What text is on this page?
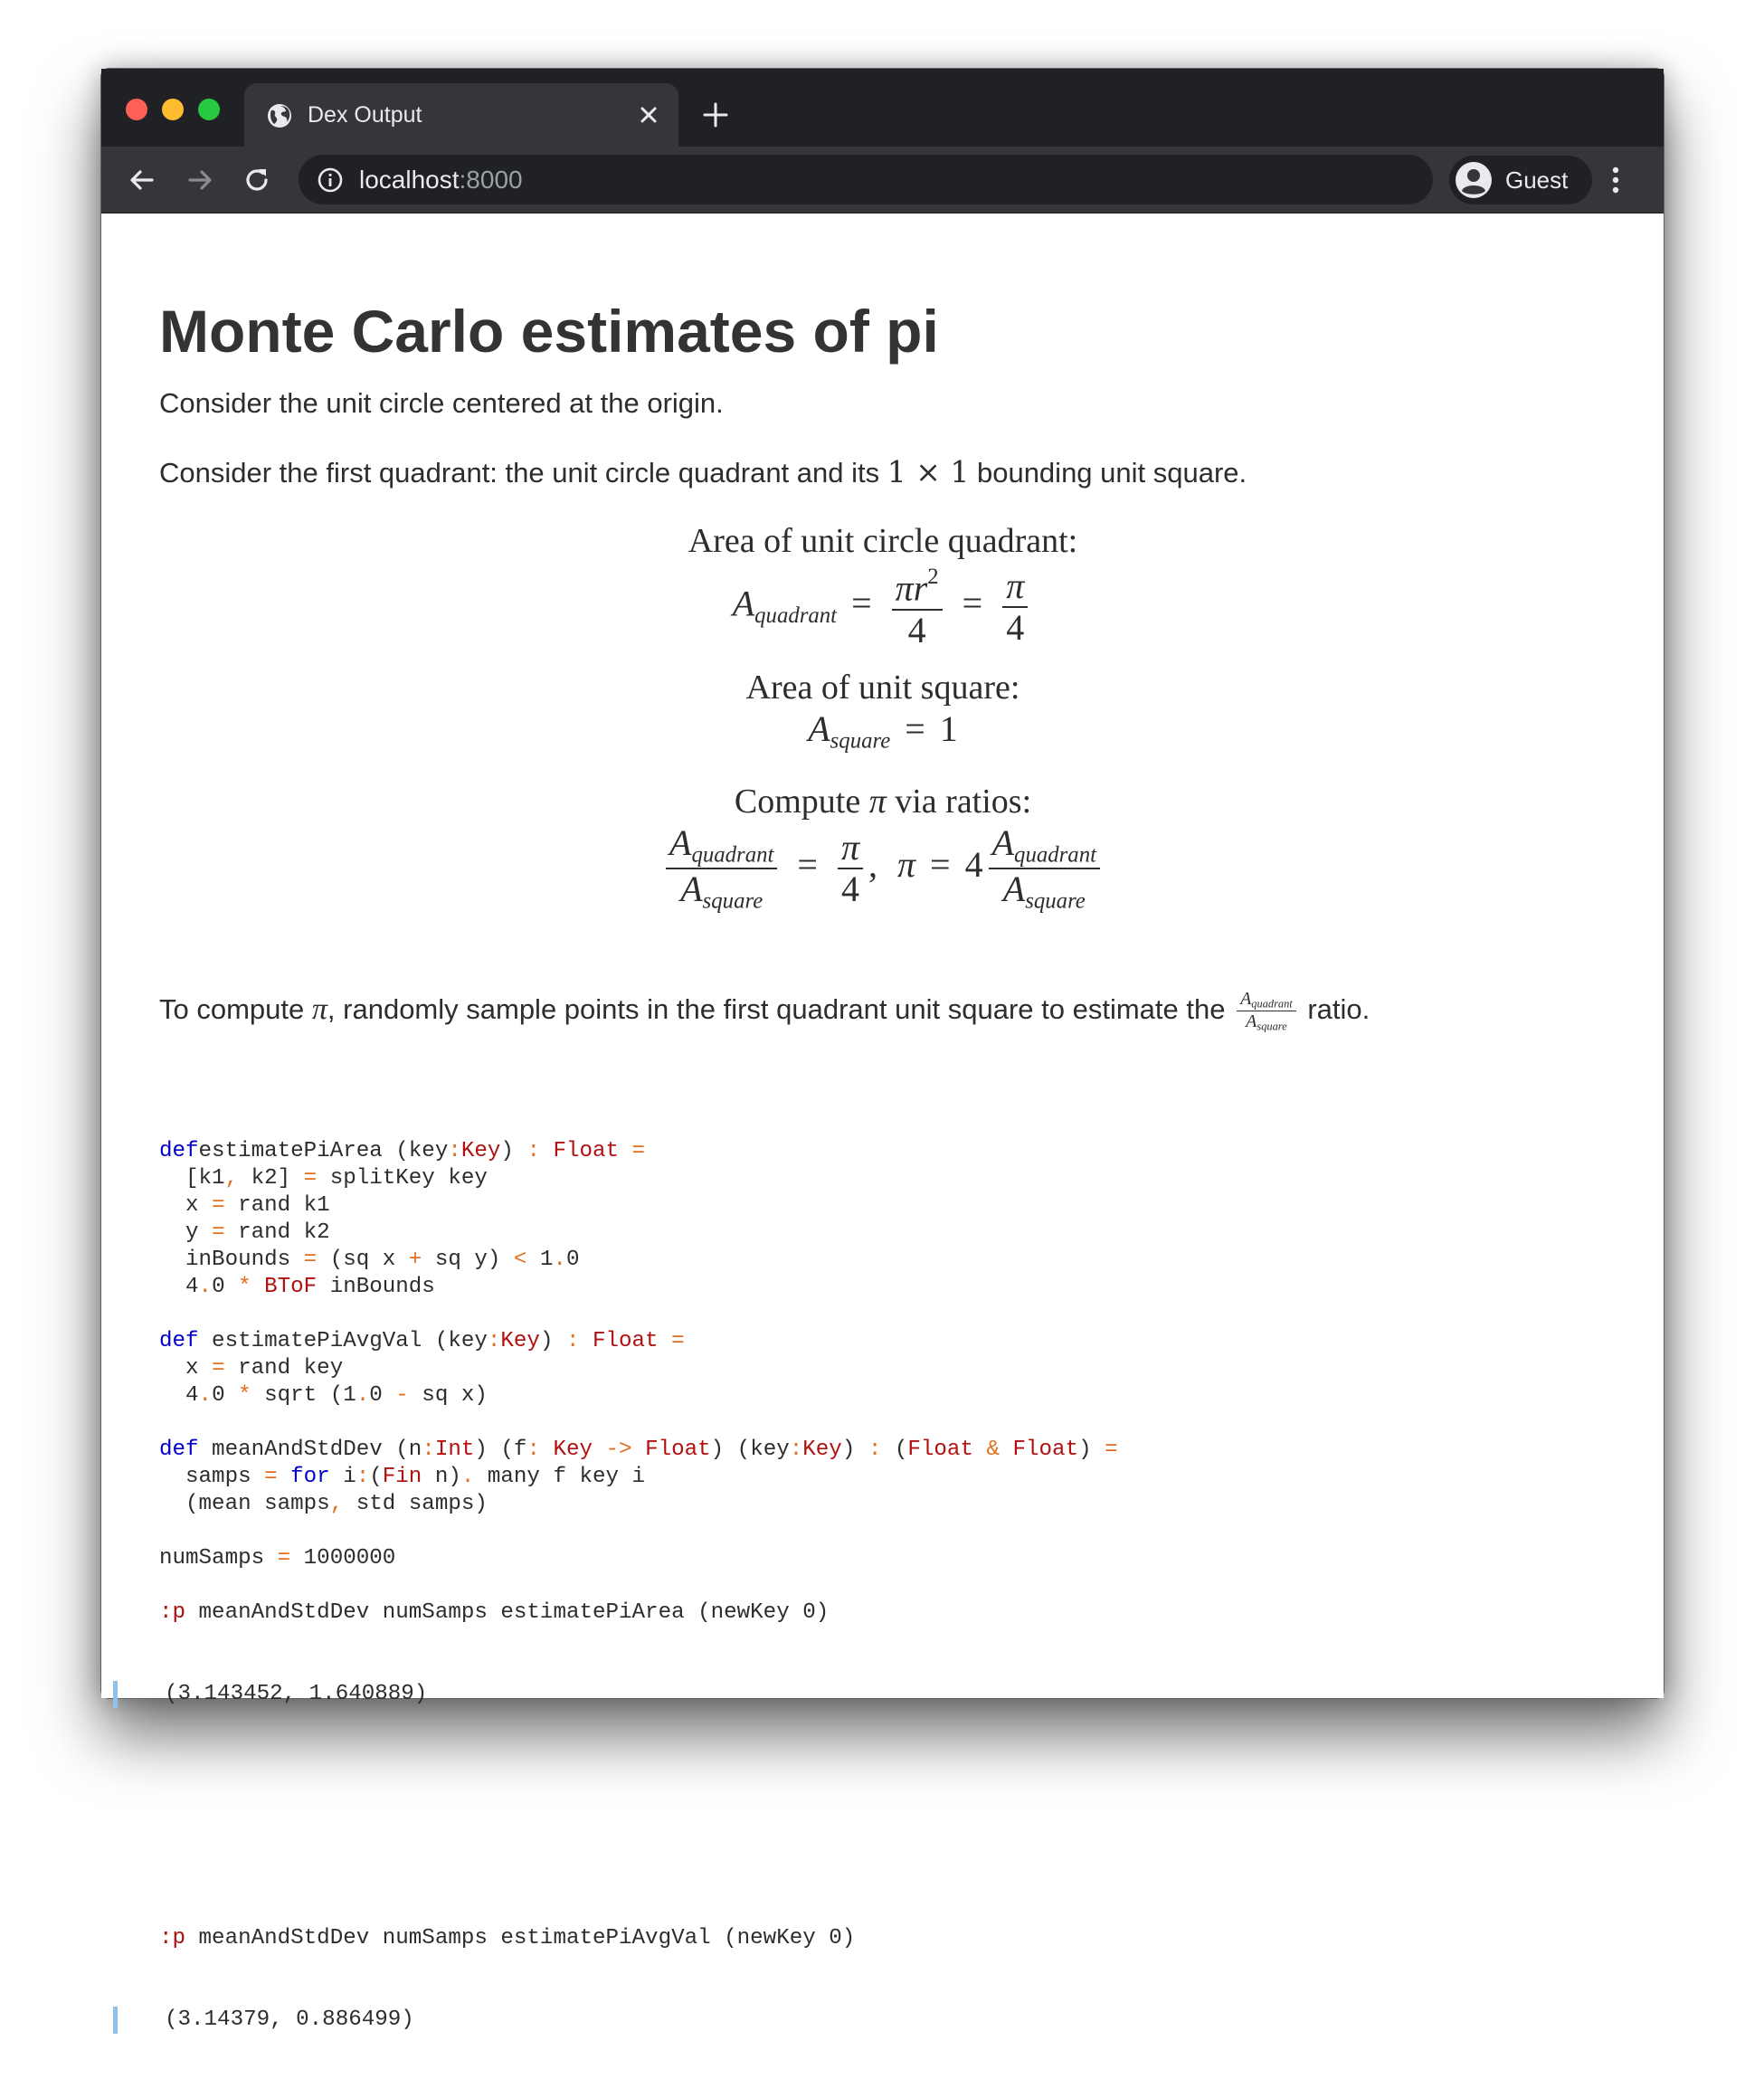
Dex Output
localhost:8000	Guest
Monte Carlo estimates of pi
Consider the unit circle centered at the origin.
Consider the first quadrant: the unit circle quadrant and its 1 × 1 bounding unit square.
Area of unit circle quadrant:
$A_{quadrant} = \frac{\pi r^2}{4} = \frac{\pi}{4}$
Area of unit square:
$A_{square} = 1$
Compute π via ratios:
$\frac{A_{quadrant}}{A_{square}} = \frac{\pi}{4}$ , $\pi = 4 \frac{A_{quadrant}}{A_{square}}$
To compute π, randomly sample points in the first quadrant unit square to estimate the $\frac{A_{quadrant}}{A_{square}}$ ratio.

defestimatePiArea (key:Key) : Float =
[k1, k2] = splitKey key
x = rand k1
y = rand k2
inBounds = (sq x + sq y) < 1.0
4.0 * BToF inBounds
def estimatePiAvgVal (key:Key) : Float =
x = rand key
4.0 * sqrt (1.0 - sq x)
def meanAndStdDev (n:Int) (f: Key -> Float) (key:Key) : (Float & Float) =
samps = for i:(Fin n). many f key i
(mean samps, std samps)
numSamps = 1000000
:p meanAndStdDev numSamps estimatePiArea (newKey 0)

(3.143452, 1.640889)

:p meanAndStdDev numSamps estimatePiAvgVal (newKey 0)

(3.14379, 0.886499)
